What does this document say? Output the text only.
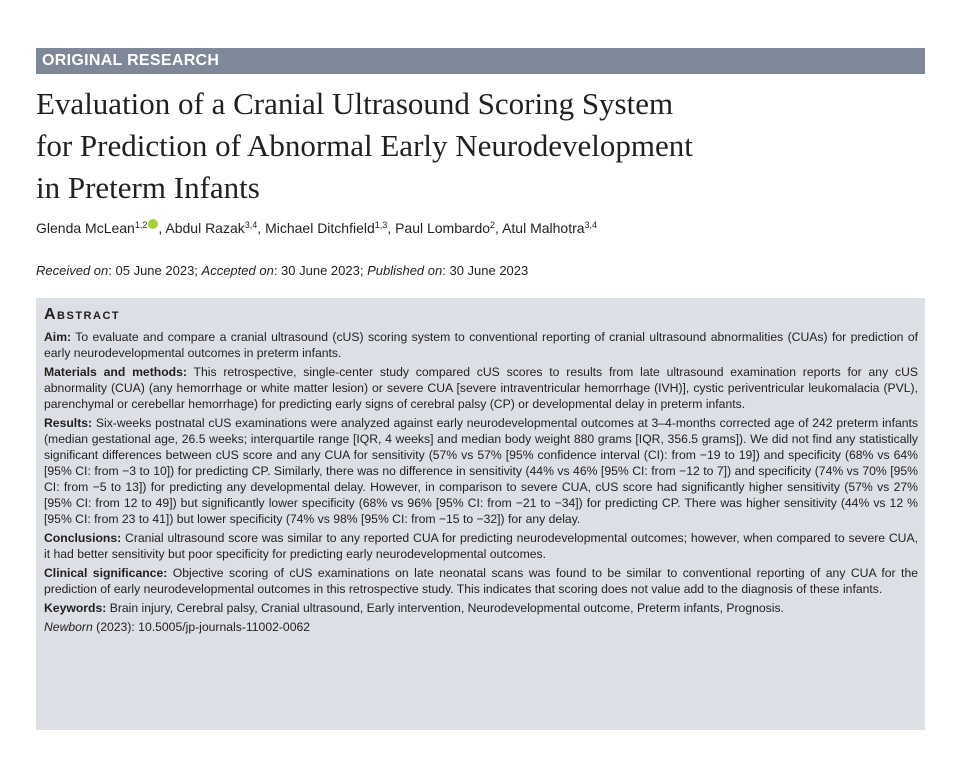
ORIGINAL RESEARCH
Evaluation of a Cranial Ultrasound Scoring System
for Prediction of Abnormal Early Neurodevelopment
in Preterm Infants
Glenda McLean$^{1,2}$ , Abdul Razak$^{3,4}$, Michael Ditchfield$^{1,3}$, Paul Lombardo$^2$, Atul Malhotra$^{3,4}$
Received on: 05 June 2023; Accepted on: 30 June 2023; Published on: 30 June 2023
Abstract

Aim: To evaluate and compare a cranial ultrasound (cUS) scoring system to conventional reporting of cranial ultrasound abnormalities (CUAs) for prediction of early neurodevelopmental outcomes in preterm infants.

Materials and methods: This retrospective, single-center study compared cUS scores to results from late ultrasound examination reports for any cUS abnormality (CUA) (any hemorrhage or white matter lesion) or severe CUA [severe intraventricular hemorrhage (IVH)], cystic periventricular leukomalacia (PVL), parenchymal or cerebellar hemorrhage) for predicting early signs of cerebral palsy (CP) or developmental delay in preterm infants.

Results: Six-weeks postnatal cUS examinations were analyzed against early neurodevelopmental outcomes at 3–4-months corrected age of 242 preterm infants (median gestational age, 26.5 weeks; interquartile range [IQR, 4 weeks] and median body weight 880 grams [IQR, 356.5 grams]). We did not find any statistically significant differences between cUS score and any CUA for sensitivity (57% vs 57% [95% confidence interval (CI): from −19 to 19]) and specificity (68% vs 64% [95% CI: from −3 to 10]) for predicting CP. Similarly, there was no difference in sensitivity (44% vs 46% [95% CI: from −12 to 7]) and specificity (74% vs 70% [95% CI: from −5 to 13]) for predicting any developmental delay. However, in comparison to severe CUA, cUS score had significantly higher sensitivity (57% vs 27% [95% CI: from 12 to 49]) but significantly lower specificity (68% vs 96% [95% CI: from −21 to −34]) for predicting CP. There was higher sensitivity (44% vs 12 % [95% CI: from 23 to 41]) but lower specificity (74% vs 98% [95% CI: from −15 to −32]) for any delay.

Conclusions: Cranial ultrasound score was similar to any reported CUA for predicting neurodevelopmental outcomes; however, when compared to severe CUA, it had better sensitivity but poor specificity for predicting early neurodevelopmental outcomes.

Clinical significance: Objective scoring of cUS examinations on late neonatal scans was found to be similar to conventional reporting of any CUA for the prediction of early neurodevelopmental outcomes in this retrospective study. This indicates that scoring does not value add to the diagnosis of these infants.

Keywords: Brain injury, Cerebral palsy, Cranial ultrasound, Early intervention, Neurodevelopmental outcome, Preterm infants, Prognosis.

Newborn (2023): 10.5005/jp-journals-11002-0062
